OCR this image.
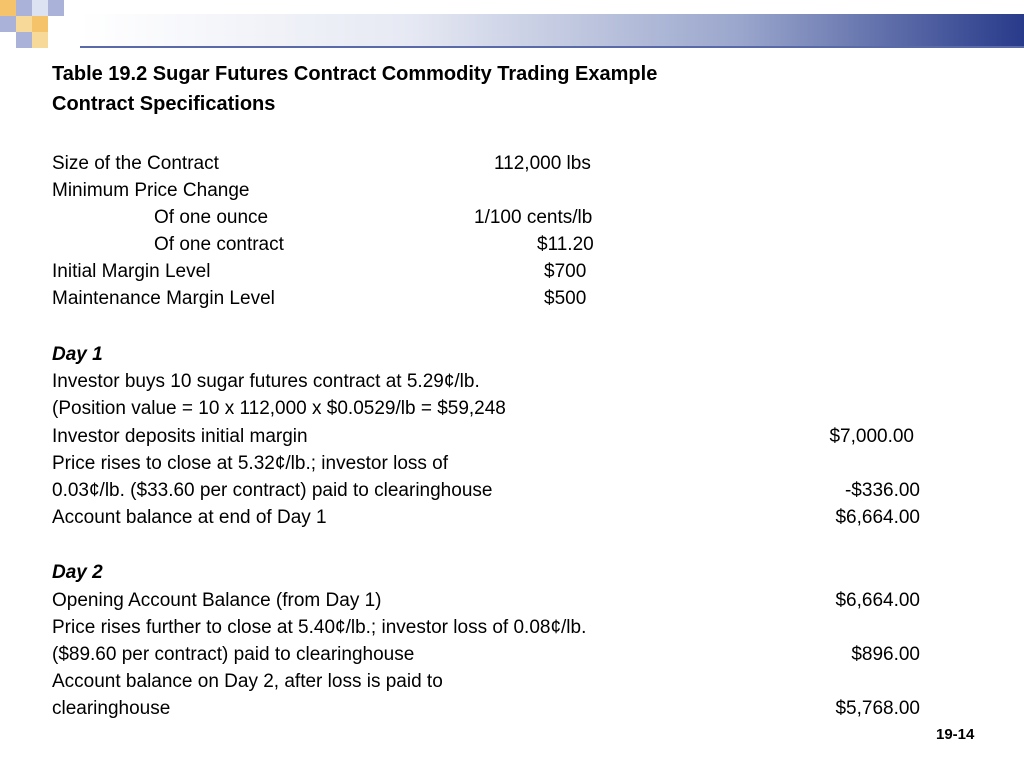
Table 19.2 Sugar Futures Contract Commodity Trading Example
Contract Specifications
Size of the Contract	112,000 lbs
Minimum Price Change
Of one ounce	1/100 cents/lb
Of one contract	$11.20
Initial Margin Level	$700
Maintenance Margin Level	$500
Day 1
Investor buys 10 sugar futures contract at 5.29¢/lb.
(Position value = 10 x 112,000 x $0.0529/lb = $59,248
Investor deposits initial margin	$7,000.00
Price rises to close at 5.32¢/lb.; investor loss of
0.03¢/lb. ($33.60 per contract) paid to clearinghouse	-$336.00
Account balance at end of Day 1	$6,664.00
Day 2
Opening Account Balance (from Day 1)	$6,664.00
Price rises further to close at 5.40¢/lb.; investor loss of 0.08¢/lb.
($89.60 per contract) paid to clearinghouse	$896.00
Account balance on Day 2, after loss is paid to
clearinghouse	$5,768.00
19-14
